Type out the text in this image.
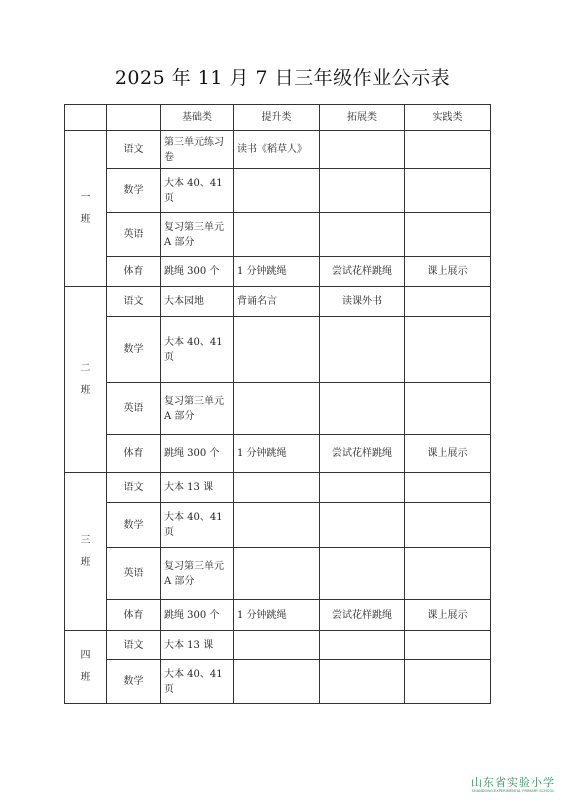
2025 年 11 月 7 日三年级作业公示表
		基础类	提升类	拓展类	实践类

一
班	语文	第三单元练习卷	读书《稻草人》		
	数学	大本 40、41 页			
	英语	复习第三单元 A 部分			
	体育	跳绳 300 个	1 分钟跳绳	尝试花样跳绳	课上展示

二
班	语文	大本园地	背诵名言	读课外书	
	数学	大本 40、41 页			
	英语	复习第三单元 A 部分			
	体育	跳绳 300 个	1 分钟跳绳	尝试花样跳绳	课上展示

三
班	语文	大本 13 课			
	数学	大本 40、41 页			
	英语	复习第三单元 A 部分			
	体育	跳绳 300 个	1 分钟跳绳	尝试花样跳绳	课上展示

四
班	语文	大本 13 课			
	数学	大本 40、41 页			
山东省实验小学
SHANDONG EXPERIMENTAL PRIMARY SCHOOL
